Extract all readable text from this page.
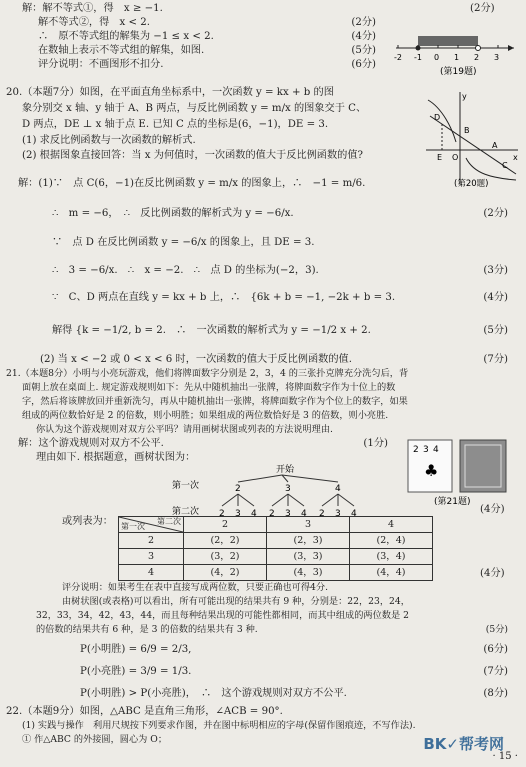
解：解不等式①，得　x ≥ −1.
解不等式②，得　x < 2.	(2分)
∴　原不等式组的解集为 −1 ≤ x < 2.	(4分)
在数轴上表示不等式组的解集，如图.	(5分)
评分说明：不画图形不扣分.	(6分)
(2分)
-2 -1 0 1 2 3
(第19题)
20.（本题7分）如图，在平面直角坐标系中，一次函数 y = kx + b 的图
象分别交 x 轴、y 轴于 A、B 两点，与反比例函数 y = m/x 的图象交于 C、
D 两点，DE ⊥ x 轴于点 E. 已知 C 点的坐标是(6，−1)，DE = 3.
(1) 求反比例函数与一次函数的解析式.
(2) 根据图象直接回答：当 x 为何值时，一次函数的值大于反比例函数的值?
y
x
O
E
D
B
A
C
(第20题)
解：(1)∵　点 C(6，−1)在反比例函数 y = m/x 的图象上，∴　−1 = m/6.
∴　m = −6，　∴　反比例函数的解析式为 y = −6/x.	(2分)
∵　点 D 在反比例函数 y = −6/x 的图象上，且 DE = 3.
∴　3 = −6/x.　∴　x = −2.　∴　点 D 的坐标为(−2，3).	(3分)
∵　C、D 两点在直线 y = kx + b 上，∴　{6k + b = −1, −2k + b = 3.	(4分)
解得 {k = −1/2, b = 2.　∴　一次函数的解析式为 y = −1/2 x + 2.	(5分)
(2) 当 x < −2 或 0 < x < 6 时，一次函数的值大于反比例函数的值.	(7分)
21.（本题8分）小明与小亮玩游戏，他们将牌面数字分别是 2，3，4 的三张扑克牌充分洗匀后，背
面朝上放在桌面上. 规定游戏规则如下：先从中随机抽出一张牌，将牌面数字作为十位上的数
字，然后将该牌放回并重新洗匀，再从中随机抽出一张牌，将牌面数字作为个位上的数字，如果
组成的两位数恰好是 2 的倍数，则小明胜；如果组成的两位数恰好是 3 的倍数，则小亮胜.
你认为这个游戏规则对双方公平吗？请用画树状图或列表的方法说明理由.
解：这个游戏规则对双方不公平.	(1分)
理由如下. 根据题意，画树状图为：
2 3 4
♣
(第21题)
开始
第一次
第二次
2	3	4
2 3 4 2 3 4 2 3 4	(4分)
或列表为：	第二次
第一次	2	3	4
2	(2，2)	(2，3)	(2，4)
3	(3，2)	(3，3)	(3，4)
4	(4，2)	(4，3)	(4，4)	(4分)
评分说明：如果考生在表中直接写成两位数，只要正确也可得4分.
由树状图(或表格)可以看出，所有可能出现的结果共有 9 种，分别是：22，23，24，
32，33，34，42，43，44，而且每种结果出现的可能性都相同，而其中组成的两位数是 2
的倍数的结果共有 6 种，是 3 的倍数的结果共有 3 种.	(5分)
P(小明胜) = 6/9 = 2/3,	(6分)
P(小亮胜) = 3/9 = 1/3.	(7分)
P(小明胜) > P(小亮胜)，　∴　这个游戏规则对双方不公平.	(8分)
22.（本题9分）如图，△ABC 是直角三角形，∠ACB = 90°.
(1) 实践与操作　利用尺规按下列要求作图，并在图中标明相应的字母(保留作图痕迹，不写作法).
① 作△ABC 的外接圆，圆心为 O；	BK✓帮考网
· 15 ·
